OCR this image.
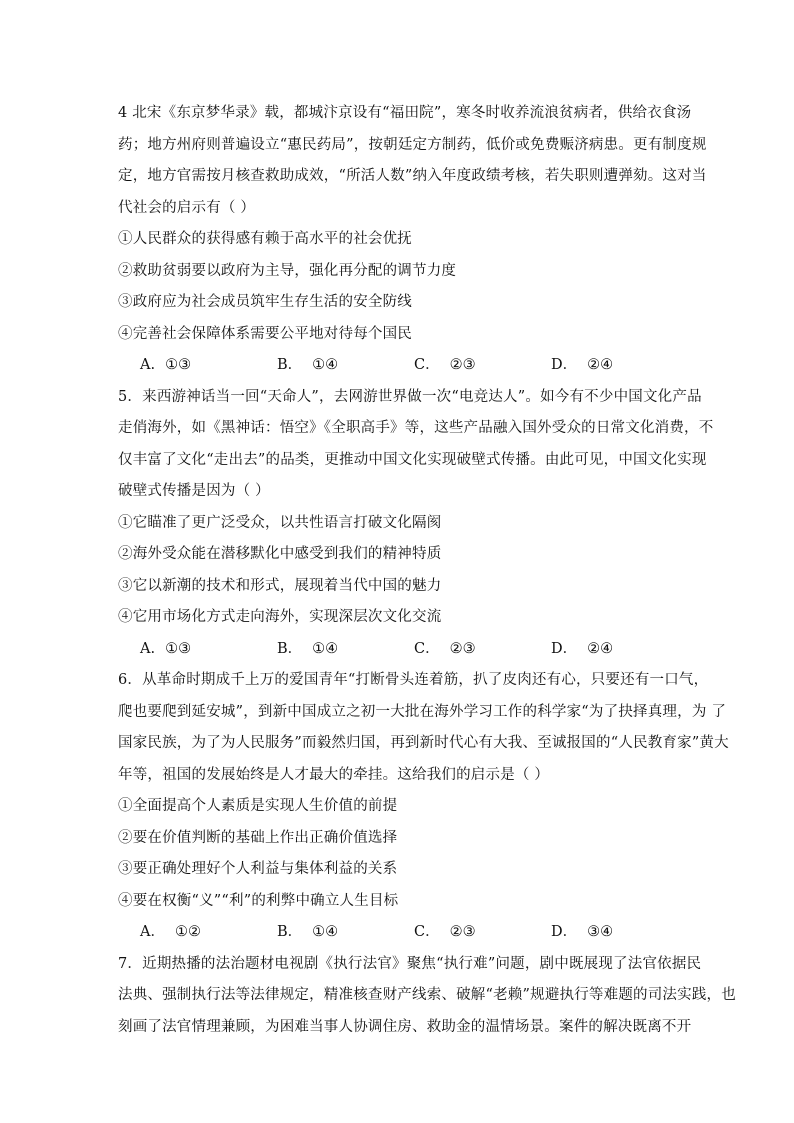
4 北宋《东京梦华录》载，都城汴京设有“福田院”，寒冬时收养流浪贫病者，供给衣食汤
药；地方州府则普遍设立“惠民药局”，按朝廷定方制药，低价或免费赈济病患。更有制度规
定，地方官需按月核查救助成效，“所活人数”纳入年度政绩考核，若失职则遭弹劾。这对当
代社会的启示有（ ）
①人民群众的获得感有赖于高水平的社会优抚
②救助贫弱要以政府为主导，强化再分配的调节力度
③政府应为社会成员筑牢生存生活的安全防线
④完善社会保障体系需要公平地对待每个国民
A. ①③	B． ①④	C． ②③	D． ②④
5．来西游神话当一回“天命人”，去网游世界做一次“电竞达人”。如今有不少中国文化产品
走俏海外，如《黑神话：悟空》《全职高手》等，这些产品融入国外受众的日常文化消费，不
仅丰富了文化“走出去”的品类，更推动中国文化实现破壁式传播。由此可见，中国文化实现
破壁式传播是因为（ ）
①它瞄准了更广泛受众，以共性语言打破文化隔阂
②海外受众能在潜移默化中感受到我们的精神特质
③它以新潮的技术和形式，展现着当代中国的魅力
④它用市场化方式走向海外，实现深层次文化交流
A. ①③	B． ①④	C． ②③	D． ②④
6．从革命时期成千上万的爱国青年“打断骨头连着筋，扒了皮肉还有心，只要还有一口气，
爬也要爬到延安城”，到新中国成立之初一大批在海外学习工作的科学家“为了抉择真理，为 了
国家民族，为了为人民服务”而毅然归国，再到新时代心有大我、至诚报国的“人民教育家”黄大
年等，祖国的发展始终是人才最大的牵挂。这给我们的启示是（ ）
①全面提高个人素质是实现人生价值的前提
②要在价值判断的基础上作出正确价值选择
③要正确处理好个人利益与集体利益的关系
④要在权衡“义”“利”的利弊中确立人生目标
A． ①②	B． ①④	C． ②③	D． ③④
7．近期热播的法治题材电视剧《执行法官》聚焦“执行难”问题，剧中既展现了法官依据民
法典、强制执行法等法律规定，精准核查财产线索、破解“老赖”规避执行等难题的司法实践，也
刻画了法官情理兼顾，为困难当事人协调住房、救助金的温情场景。案件的解决既离不开
